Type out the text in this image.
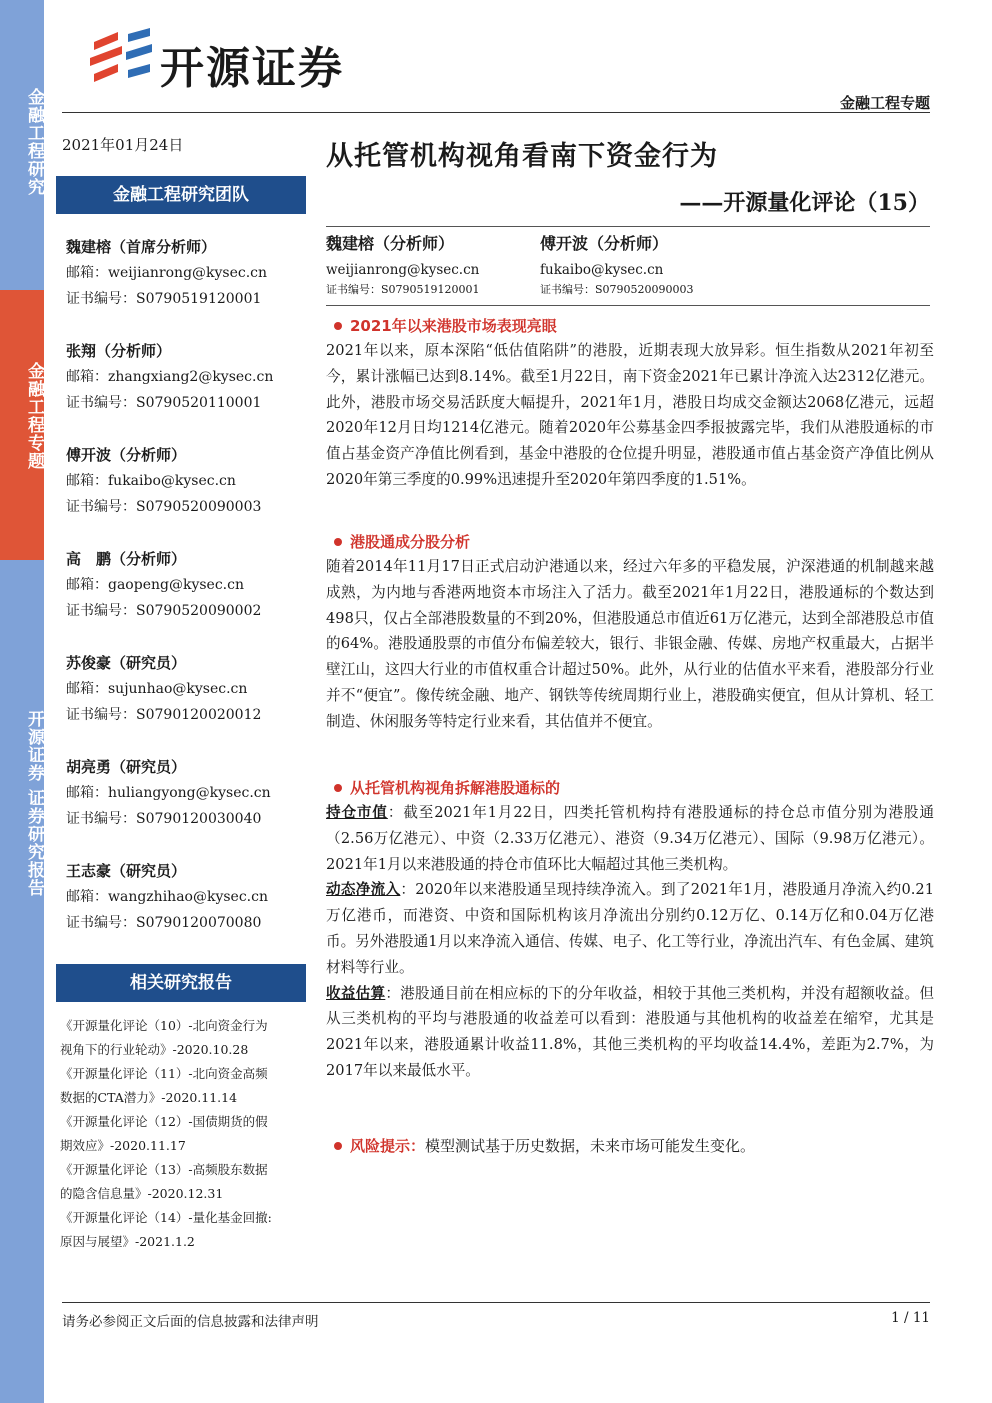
金融工程研究
金融工程专题
开源证券 证券研究报告
开源证券
金融工程专题
2021年01月24日	从托管机构视角看南下资金行为
——开源量化评论（15）
金融工程研究团队
魏建榕（首席分析师）
邮箱：weijianrong@kysec.cn
证书编号：S0790519120001
张翔（分析师）
邮箱：zhangxiang2@kysec.cn
证书编号：S0790520110001
傅开波（分析师）
邮箱：fukaibo@kysec.cn
证书编号：S0790520090003
高　鹏（分析师）
邮箱：gaopeng@kysec.cn
证书编号：S0790520090002
苏俊豪（研究员）
邮箱：sujunhao@kysec.cn
证书编号：S0790120020012
胡亮勇（研究员）
邮箱：huliangyong@kysec.cn
证书编号：S0790120030040
王志豪（研究员）
邮箱：wangzhihao@kysec.cn
证书编号：S0790120070080
相关研究报告
《开源量化评论（10）-北向资金行为
视角下的行业轮动》-2020.10.28
《开源量化评论（11）-北向资金高频
数据的CTA潜力》-2020.11.14
《开源量化评论（12）-国债期货的假
期效应》-2020.11.17
《开源量化评论（13）-高频股东数据
的隐含信息量》-2020.12.31
《开源量化评论（14）-量化基金回撤:
原因与展望》-2021.1.2
魏建榕（分析师）
weijianrong@kysec.cn
证书编号：S0790519120001
傅开波（分析师）
fukaibo@kysec.cn
证书编号：S0790520090003
2021年以来港股市场表现亮眼

2021年以来，原本深陷“低估值陷阱”的港股，近期表现大放异彩。恒生指数从2021年初至今，累计涨幅已达到8.14%。截至1月22日，南下资金2021年已累计净流入达2312亿港元。此外，港股市场交易活跃度大幅提升，2021年1月，港股日均成交金额达2068亿港元，远超2020年12月日均1214亿港元。随着2020年公募基金四季报披露完毕，我们从港股通标的市值占基金资产净值比例看到，基金中港股的仓位提升明显，港股通市值占基金资产净值比例从2020年第三季度的0.99%迅速提升至2020年第四季度的1.51%。

港股通成分股分析

随着2014年11月17日正式启动沪港通以来，经过六年多的平稳发展，沪深港通的机制越来越成熟，为内地与香港两地资本市场注入了活力。截至2021年1月22日，港股通标的个数达到498只，仅占全部港股数量的不到20%，但港股通总市值近61万亿港元，达到全部港股总市值的64%。港股通股票的市值分布偏差较大，银行、非银金融、传媒、房地产权重最大，占据半壁江山，这四大行业的市值权重合计超过50%。此外，从行业的估值水平来看，港股部分行业并不“便宜”。像传统金融、地产、钢铁等传统周期行业上，港股确实便宜，但从计算机、轻工制造、休闲服务等特定行业来看，其估值并不便宜。

从托管机构视角拆解港股通标的

持仓市值：截至2021年1月22日，四类托管机构持有港股通标的持仓总市值分别为港股通（2.56万亿港元）、中资（2.33万亿港元）、港资（9.34万亿港元）、国际（9.98万亿港元）。2021年1月以来港股通的持仓市值环比大幅超过其他三类机构。

动态净流入：2020年以来港股通呈现持续净流入。到了2021年1月，港股通月净流入约0.21万亿港币，而港资、中资和国际机构该月净流出分别约0.12万亿、0.14万亿和0.04万亿港币。另外港股通1月以来净流入通信、传媒、电子、化工等行业，净流出汽车、有色金属、建筑材料等行业。

收益估算：港股通目前在相应标的下的分年收益，相较于其他三类机构，并没有超额收益。但从三类机构的平均与港股通的收益差可以看到：港股通与其他机构的收益差在缩窄，尤其是2021年以来，港股通累计收益11.8%，其他三类机构的平均收益14.4%，差距为2.7%，为2017年以来最低水平。

风险提示：模型测试基于历史数据，未来市场可能发生变化。
请务必参阅正文后面的信息披露和法律声明	1 / 11
